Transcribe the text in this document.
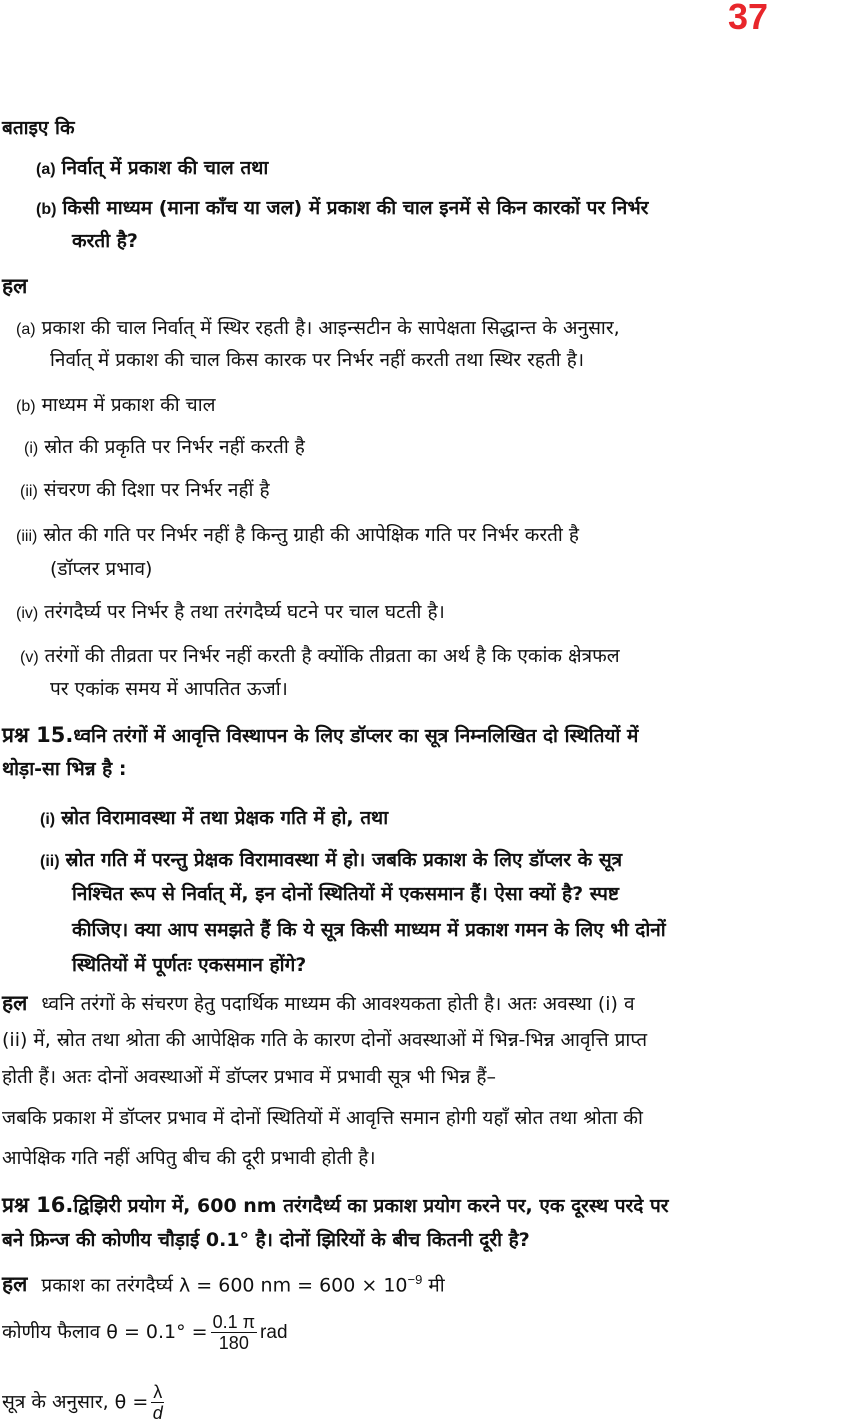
37
बताइए कि
(a) निर्वात् में प्रकाश की चाल तथा
(b) किसी माध्यम (माना काँच या जल) में प्रकाश की चाल इनमें से किन कारकों पर निर्भर
करती है?
हल
(a) प्रकाश की चाल निर्वात् में स्थिर रहती है। आइन्सटीन के सापेक्षता सिद्धान्त के अनुसार,
निर्वात् में प्रकाश की चाल किस कारक पर निर्भर नहीं करती तथा स्थिर रहती है।
(b) माध्यम में प्रकाश की चाल
(i) स्रोत की प्रकृति पर निर्भर नहीं करती है
(ii) संचरण की दिशा पर निर्भर नहीं है
(iii) स्रोत की गति पर निर्भर नहीं है किन्तु ग्राही की आपेक्षिक गति पर निर्भर करती है
(डॉप्लर प्रभाव)
(iv) तरंगदैर्घ्य पर निर्भर है तथा तरंगदैर्घ्य घटने पर चाल घटती है।
(v) तरंगों की तीव्रता पर निर्भर नहीं करती है क्योंकि तीव्रता का अर्थ है कि एकांक क्षेत्रफल
पर एकांक समय में आपतित ऊर्जा।
प्रश्न 15.ध्वनि तरंगों में आवृत्ति विस्थापन के लिए डॉप्लर का सूत्र निम्नलिखित दो स्थितियों में
थोड़ा-सा भिन्न है :
(i) स्रोत विरामावस्था में तथा प्रेक्षक गति में हो, तथा
(ii) स्रोत गति में परन्तु प्रेक्षक विरामावस्था में हो। जबकि प्रकाश के लिए डॉप्लर के सूत्र
निश्चित रूप से निर्वात् में, इन दोनों स्थितियों में एकसमान हैं। ऐसा क्यों है? स्पष्ट
कीजिए। क्या आप समझते हैं कि ये सूत्र किसी माध्यम में प्रकाश गमन के लिए भी दोनों
स्थितियों में पूर्णतः एकसमान होंगे?
हल ध्वनि तरंगों के संचरण हेतु पदार्थिक माध्यम की आवश्यकता होती है। अतः अवस्था (i) व
(ii) में, स्रोत तथा श्रोता की आपेक्षिक गति के कारण दोनों अवस्थाओं में भिन्न-भिन्न आवृत्ति प्राप्त
होती हैं। अतः दोनों अवस्थाओं में डॉप्लर प्रभाव में प्रभावी सूत्र भी भिन्न हैं–
जबकि प्रकाश में डॉप्लर प्रभाव में दोनों स्थितियों में आवृत्ति समान होगी यहाँ स्रोत तथा श्रोता की
आपेक्षिक गति नहीं अपितु बीच की दूरी प्रभावी होती है।
प्रश्न 16.द्विझिरी प्रयोग में, 600 nm तरंगदैर्ध्य का प्रकाश प्रयोग करने पर, एक दूरस्थ परदे पर
बने फ्रिन्ज की कोणीय चौड़ाई 0.1° है। दोनों झिरियों के बीच कितनी दूरी है?
हल प्रकाश का तरंगदैर्घ्य λ = 600 nm = $600 \times 10^{-9}$ मी
कोणीय फैलाव $\theta = 0.1^\circ = \frac{0.1 \pi}{180}$ rad
सूत्र के अनुसार, $\theta = \frac{\lambda}{d}$
